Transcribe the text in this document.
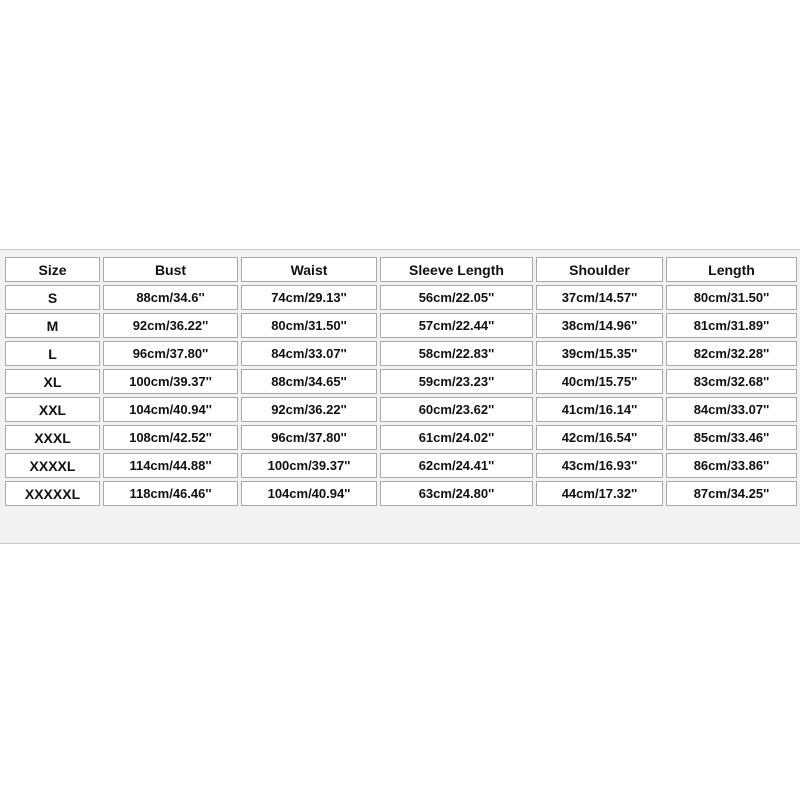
Size	Bust	Waist	Sleeve Length	Shoulder	Length
S	88cm/34.6''	74cm/29.13''	56cm/22.05''	37cm/14.57''	80cm/31.50''
M	92cm/36.22''	80cm/31.50''	57cm/22.44''	38cm/14.96''	81cm/31.89''
L	96cm/37.80''	84cm/33.07''	58cm/22.83''	39cm/15.35''	82cm/32.28''
XL	100cm/39.37''	88cm/34.65''	59cm/23.23''	40cm/15.75''	83cm/32.68''
XXL	104cm/40.94''	92cm/36.22''	60cm/23.62''	41cm/16.14''	84cm/33.07''
XXXL	108cm/42.52''	96cm/37.80''	61cm/24.02''	42cm/16.54''	85cm/33.46''
XXXXL	114cm/44.88''	100cm/39.37''	62cm/24.41''	43cm/16.93''	86cm/33.86''
XXXXXL	118cm/46.46''	104cm/40.94''	63cm/24.80''	44cm/17.32''	87cm/34.25''
